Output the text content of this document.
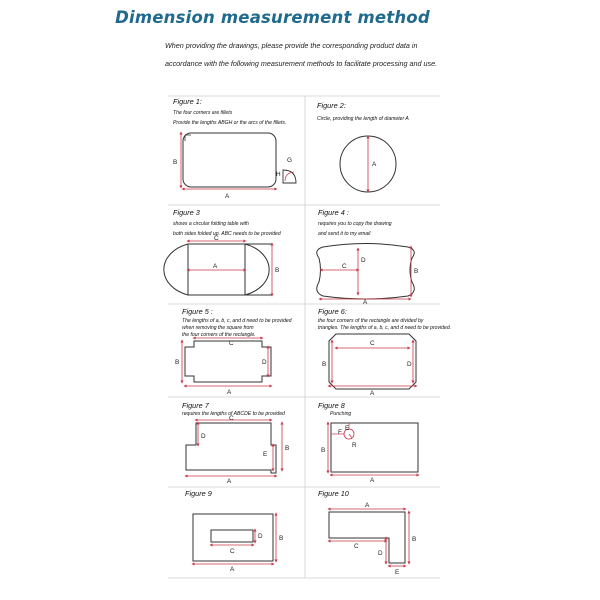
Dimension measurement method
When providing the drawings, please provide the corresponding product data in
accordance with the following measurement methods to facilitate processing and use.
Figure 1:
The four corners are fillets
Provide the lengths ABGH or the arcs of the fillets.
A
B	G
H
Figure 2:
Circle, providing the length of diameter A
A
Figure 3
shows a circular folding table with
both sides folded up. ABC needs to be provided
C
A
B
Figure 4 :
requires you to copy the drawing
and send it to my email
C
D
B
A
Figure 5 :
The lengths of a, b, c, and d need to be provided
when removing the square from
the four corners of the rectangle.
C
B	D
A
Figure 6:
the four corners of the rectangle are divided by
triangles. The lengths of a, b, c, and d need to be provided.
C
B	D
A
Figure 7
requires the lengths of ABCDE to be provided
C
D
B
E
A
Figure 8
Punching
F
E
R
B
A
Figure 9
D
C
B
A
Figure 10
A
B
C
D
E
